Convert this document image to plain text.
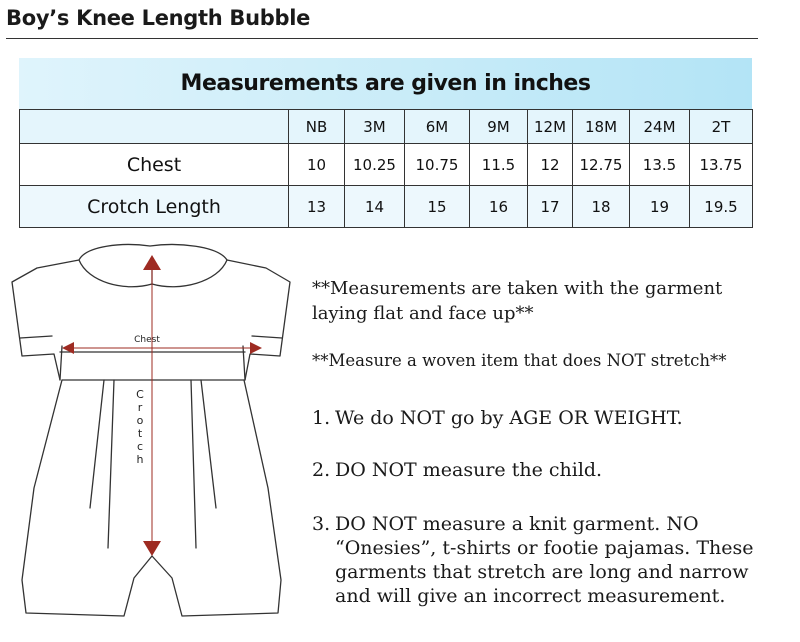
Boy’s Knee Length Bubble
Measurements are given in inches
	NB	3M	6M	9M	12M	18M	24M	2T
Chest	10	10.25	10.75	11.5	12	12.75	13.5	13.75
Crotch Length	13	14	15	16	17	18	19	19.5
Chest
C r o t c h
**Measurements are taken with the garment laying flat and face up**
**Measure a woven item that does NOT stretch**
1. We do NOT go by AGE OR WEIGHT.
2. DO NOT measure the child.
3. DO NOT measure a knit garment. NO “Onesies”, t-shirts or footie pajamas. These garments that stretch are long and narrow and will give an incorrect measurement.
